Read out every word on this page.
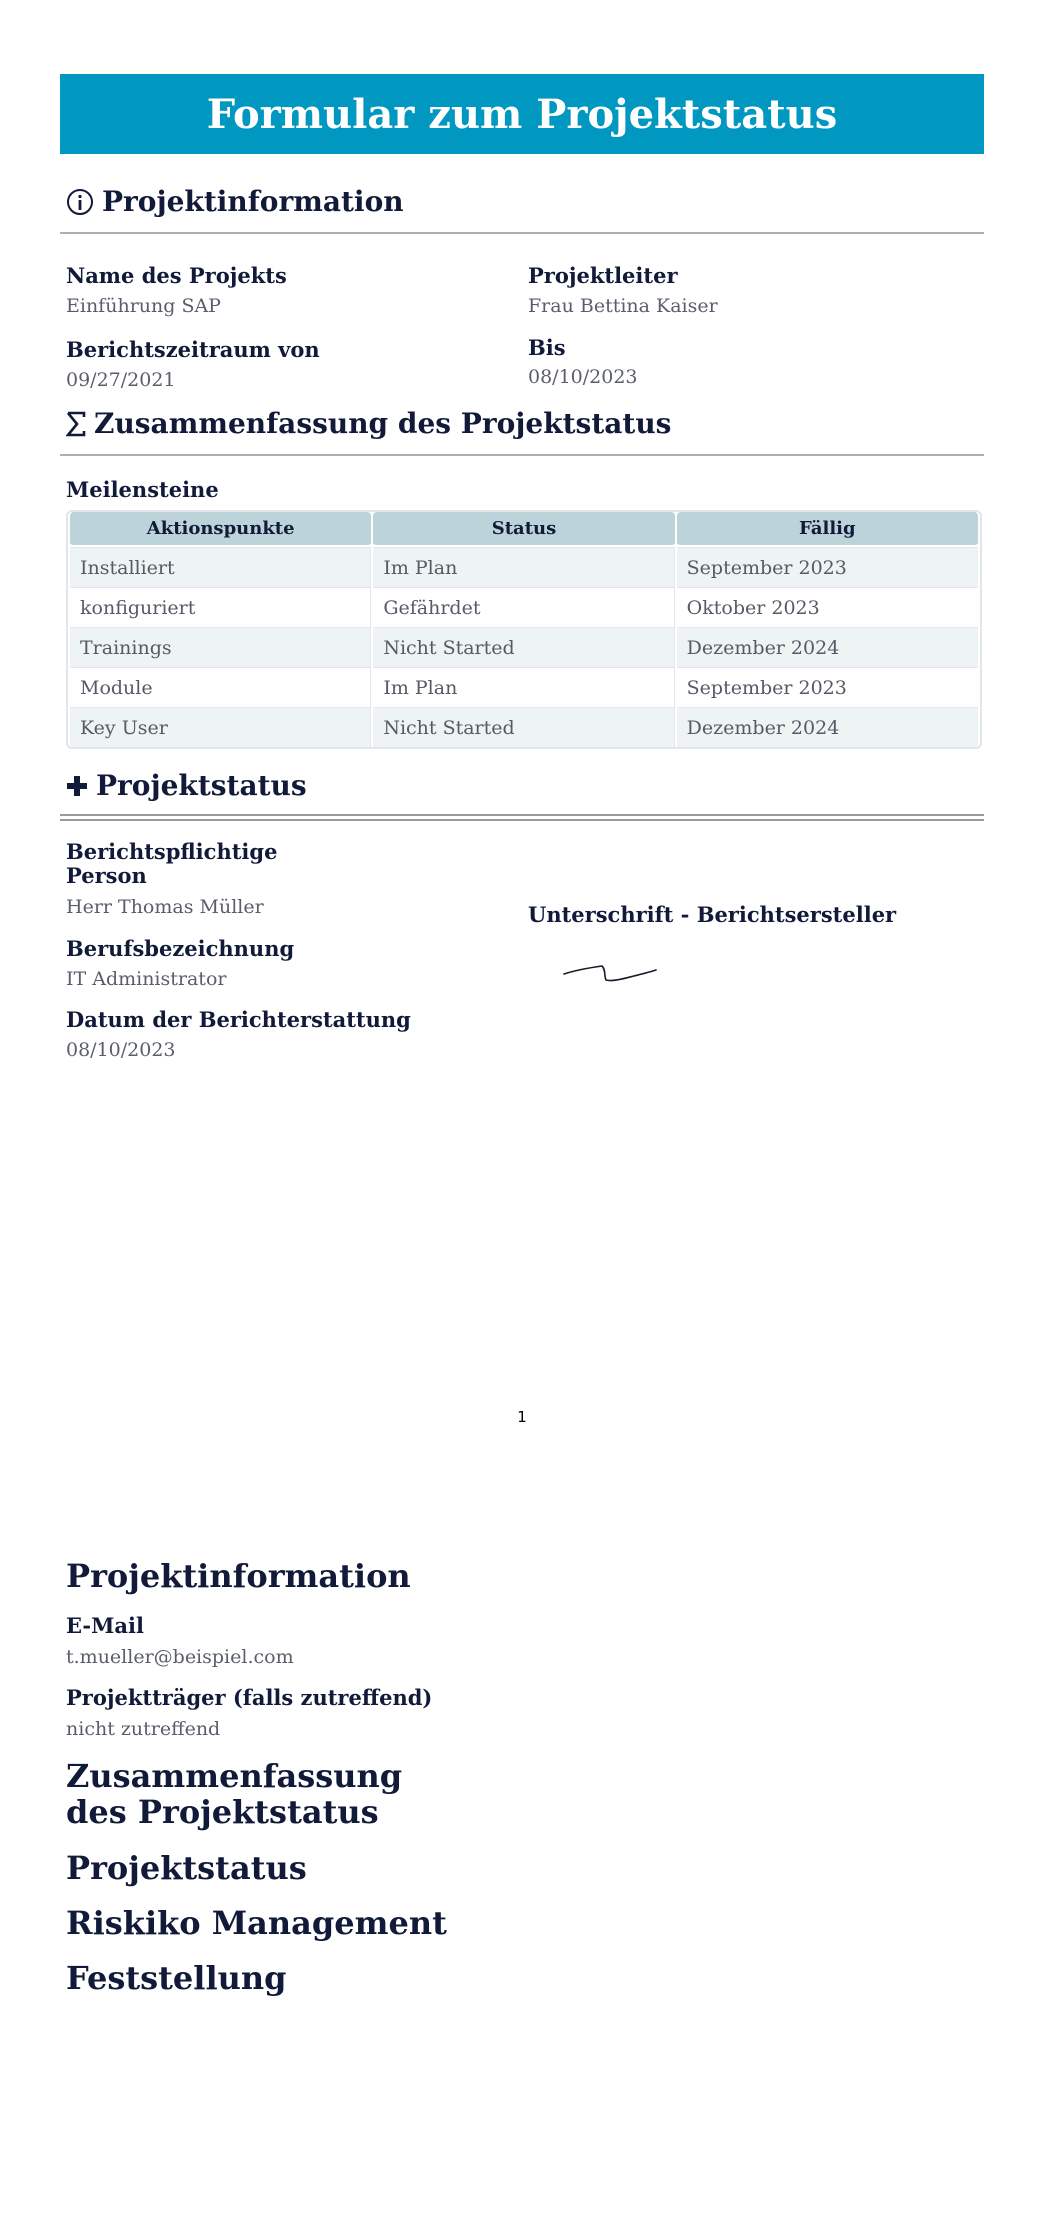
Formular zum Projektstatus
Projektinformation
Name des Projekts
Einführung SAP
Projektleiter
Frau Bettina Kaiser
Berichtszeitraum von
09/27/2021
Bis
08/10/2023
Zusammenfassung des Projektstatus
Meilensteine
Aktionspunkte	Status	Fällig
Installiert	Im Plan	September 2023
konfiguriert	Gefährdet	Oktober 2023
Trainings	Nicht Started	Dezember 2024
Module	Im Plan	September 2023
Key User	Nicht Started	Dezember 2024
Projektstatus
Berichtspflichtige Person
Herr Thomas Müller
Berufsbezeichnung
IT Administrator
Datum der Berichterstattung
08/10/2023
Unterschrift - Berichtsersteller
1
Projektinformation
E-Mail
t.mueller@beispiel.com
Projektträger (falls zutreffend)
nicht zutreffend
Zusammenfassung des Projektstatus
Projektstatus
Riskiko Management
Feststellung
